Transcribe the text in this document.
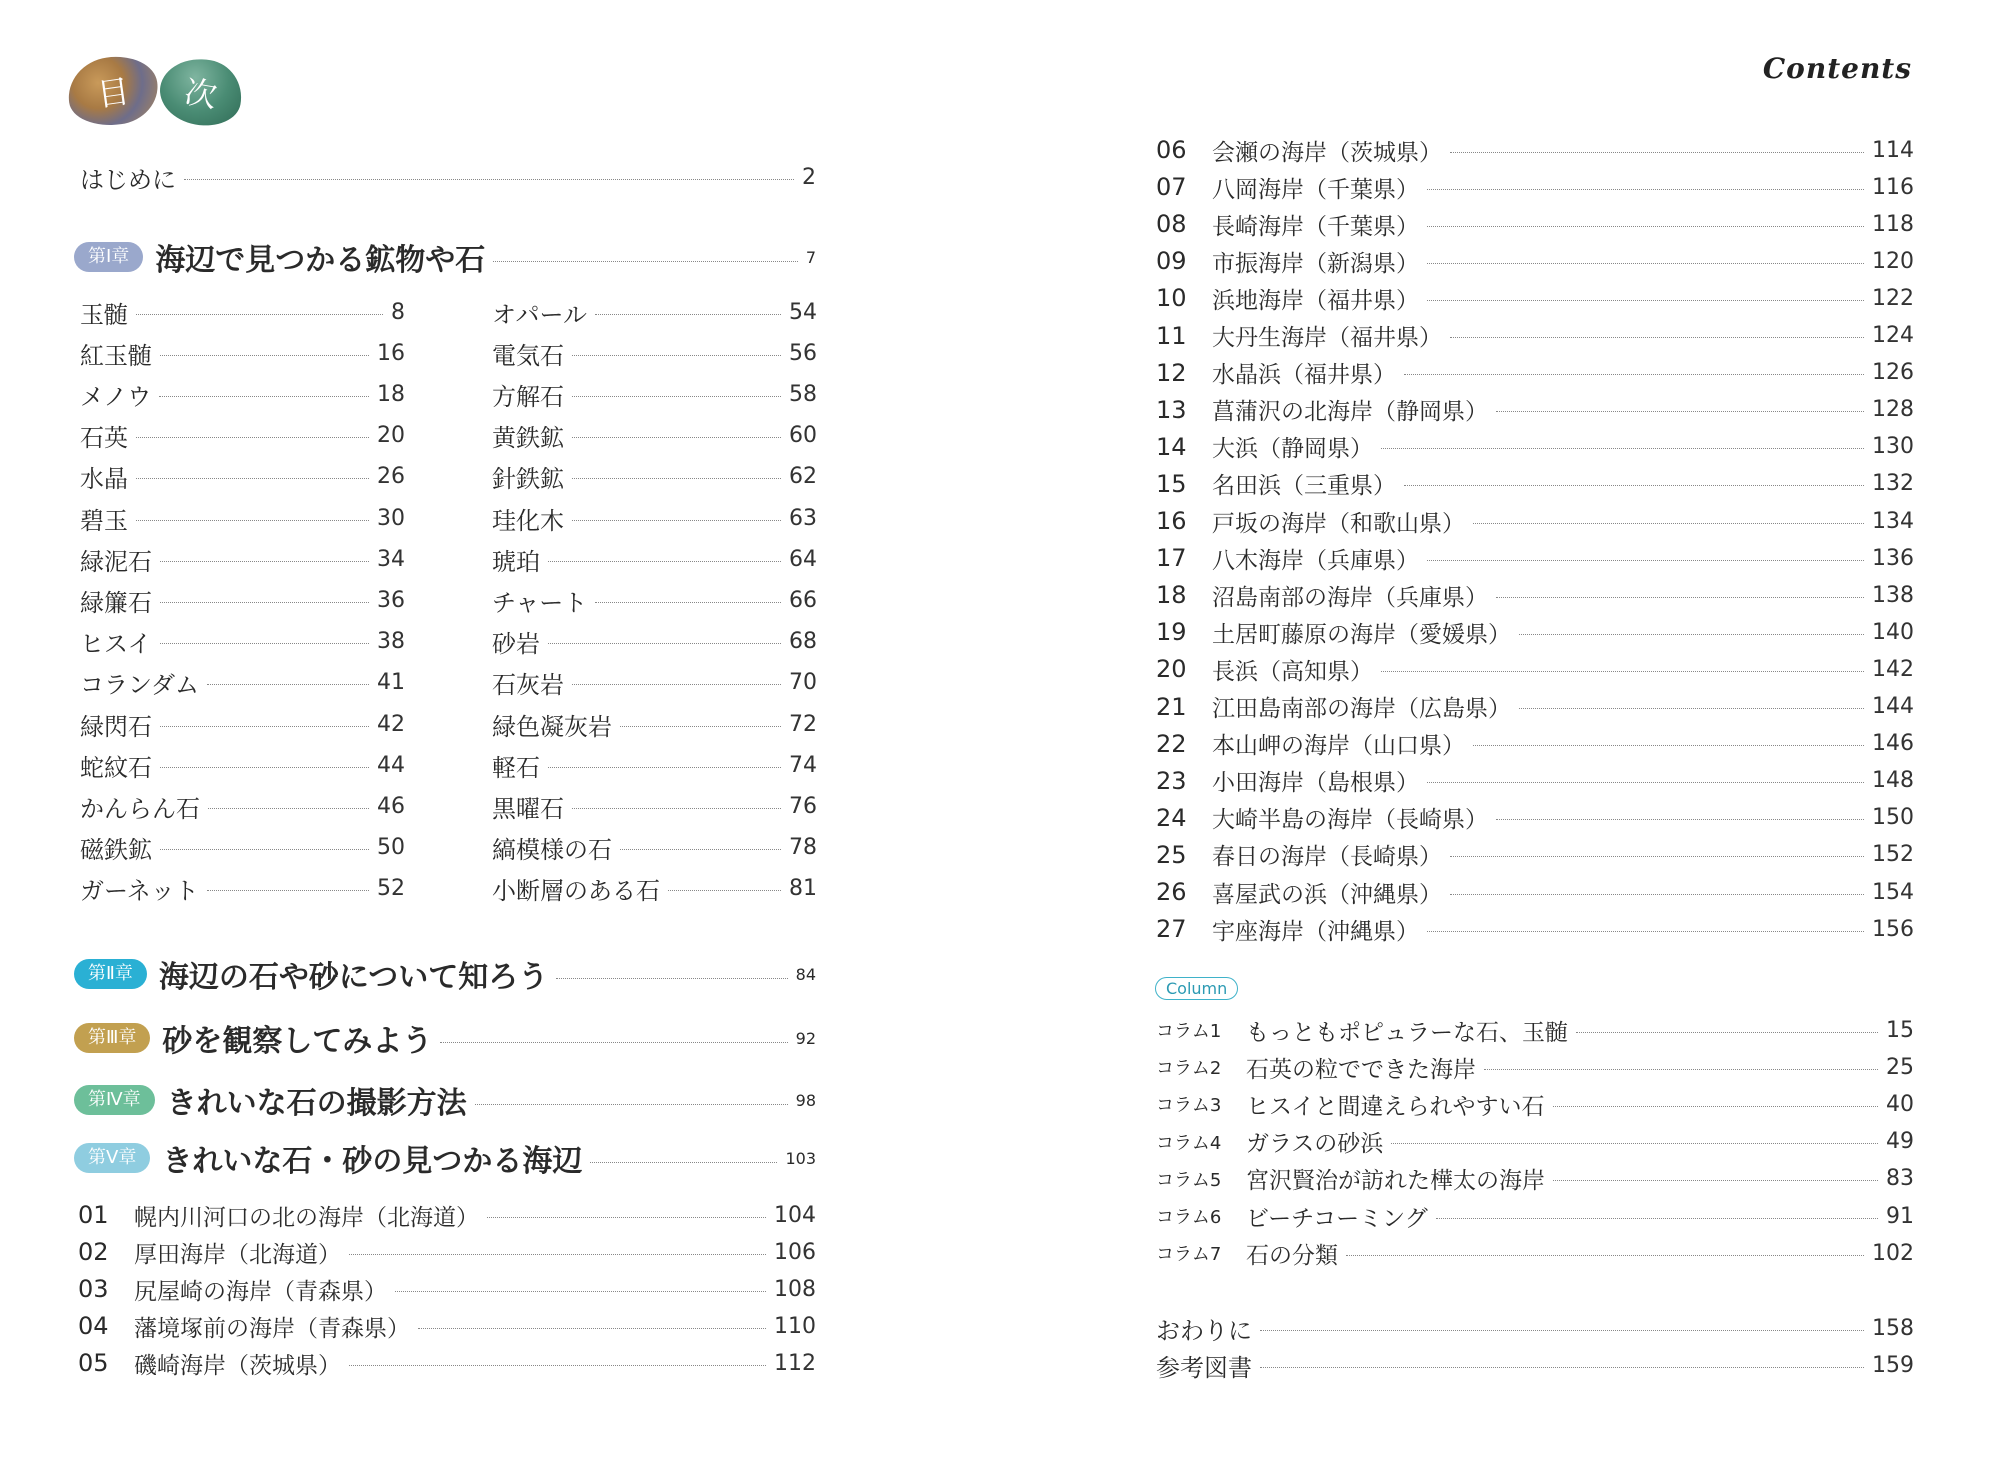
目 次
はじめに	2
第Ⅰ章 海辺で見つかる鉱物や石	7
玉髄	8
紅玉髄	16
メノウ	18
石英	20
水晶	26
碧玉	30
緑泥石	34
緑簾石	36
ヒスイ	38
コランダム	41
緑閃石	42
蛇紋石	44
かんらん石	46
磁鉄鉱	50
ガーネット	52
オパール	54
電気石	56
方解石	58
黄鉄鉱	60
針鉄鉱	62
珪化木	63
琥珀	64
チャート	66
砂岩	68
石灰岩	70
緑色凝灰岩	72
軽石	74
黒曜石	76
縞模様の石	78
小断層のある石	81
第Ⅱ章 海辺の石や砂について知ろう	84
第Ⅲ章 砂を観察してみよう	92
第Ⅳ章 きれいな石の撮影方法	98
第Ⅴ章 きれいな石・砂の見つかる海辺	103
01	幌内川河口の北の海岸（北海道）	104
02	厚田海岸（北海道）	106
03	尻屋崎の海岸（青森県）	108
04	藩境塚前の海岸（青森県）	110
05	磯崎海岸（茨城県）	112
Contents
06	会瀬の海岸（茨城県）	114
07	八岡海岸（千葉県）	116
08	長崎海岸（千葉県）	118
09	市振海岸（新潟県）	120
10	浜地海岸（福井県）	122
11	大丹生海岸（福井県）	124
12	水晶浜（福井県）	126
13	菖蒲沢の北海岸（静岡県）	128
14	大浜（静岡県）	130
15	名田浜（三重県）	132
16	戸坂の海岸（和歌山県）	134
17	八木海岸（兵庫県）	136
18	沼島南部の海岸（兵庫県）	138
19	土居町藤原の海岸（愛媛県）	140
20	長浜（高知県）	142
21	江田島南部の海岸（広島県）	144
22	本山岬の海岸（山口県）	146
23	小田海岸（島根県）	148
24	大崎半島の海岸（長崎県）	150
25	春日の海岸（長崎県）	152
26	喜屋武の浜（沖縄県）	154
27	宇座海岸（沖縄県）	156
Column
コラム1	もっともポピュラーな石、玉髄	15
コラム2	石英の粒でできた海岸	25
コラム3	ヒスイと間違えられやすい石	40
コラム4	ガラスの砂浜	49
コラム5	宮沢賢治が訪れた樺太の海岸	83
コラム6	ビーチコーミング	91
コラム7	石の分類	102
おわりに	158
参考図書	159
